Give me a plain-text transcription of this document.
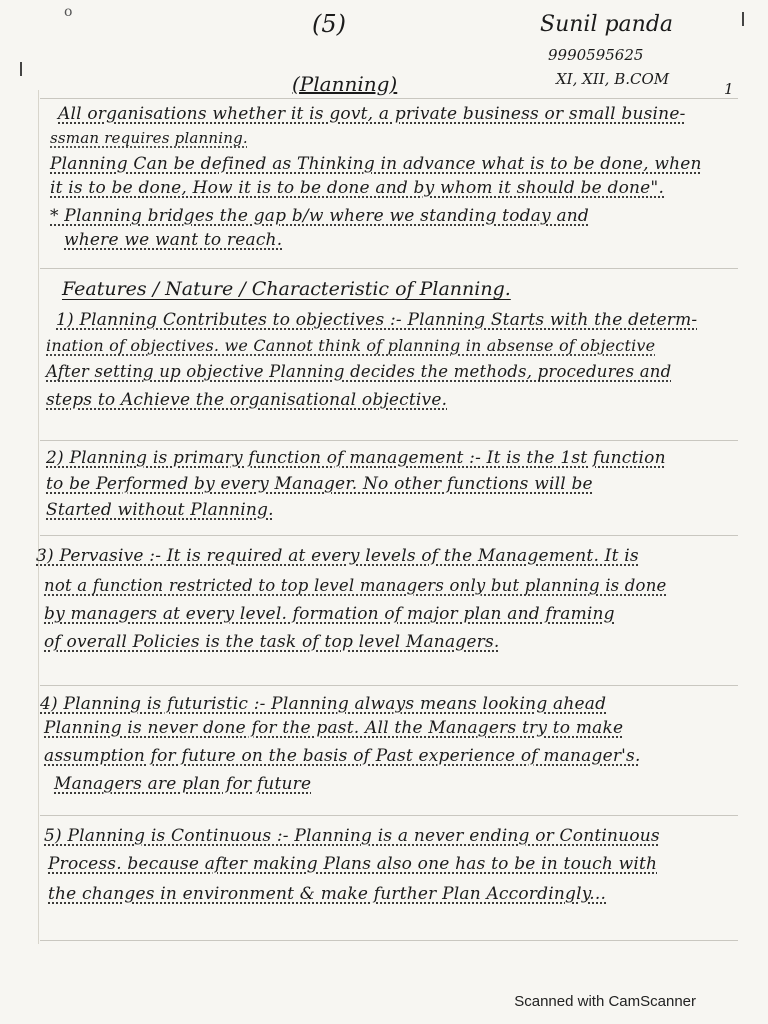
o	(5)	Sunil panda
9990595625
XI, XII, B.COM
(Planning)	1
All organisations whether it is govt, a private business or small busine-
ssman requires planning.
Planning Can be defined as Thinking in advance what is to be done, when
it is to be done, How it is to be done and by whom it should be done".
* Planning bridges the gap b/w where we standing today and
where we want to reach.
Features / Nature / Characteristic of Planning.
1) Planning Contributes to objectives :- Planning Starts with the determ-
ination of objectives. we Cannot think of planning in absense of objective
After setting up objective Planning decides the methods, procedures and
steps to Achieve the organisational objective.
2) Planning is primary function of management :- It is the 1st function
to be Performed by every Manager. No other functions will be
Started without Planning.
3) Pervasive :- It is required at every levels of the Management. It is
not a function restricted to top level managers only but planning is done
by managers at every level. formation of major plan and framing
of overall Policies is the task of top level Managers.
4) Planning is futuristic :- Planning always means looking ahead
Planning is never done for the past. All the Managers try to make
assumption for future on the basis of Past experience of manager's.
Managers are plan for future
5) Planning is Continuous :- Planning is a never ending or Continuous
Process. because after making Plans also one has to be in touch with
the changes in environment & make further Plan Accordingly...
Scanned with CamScanner
